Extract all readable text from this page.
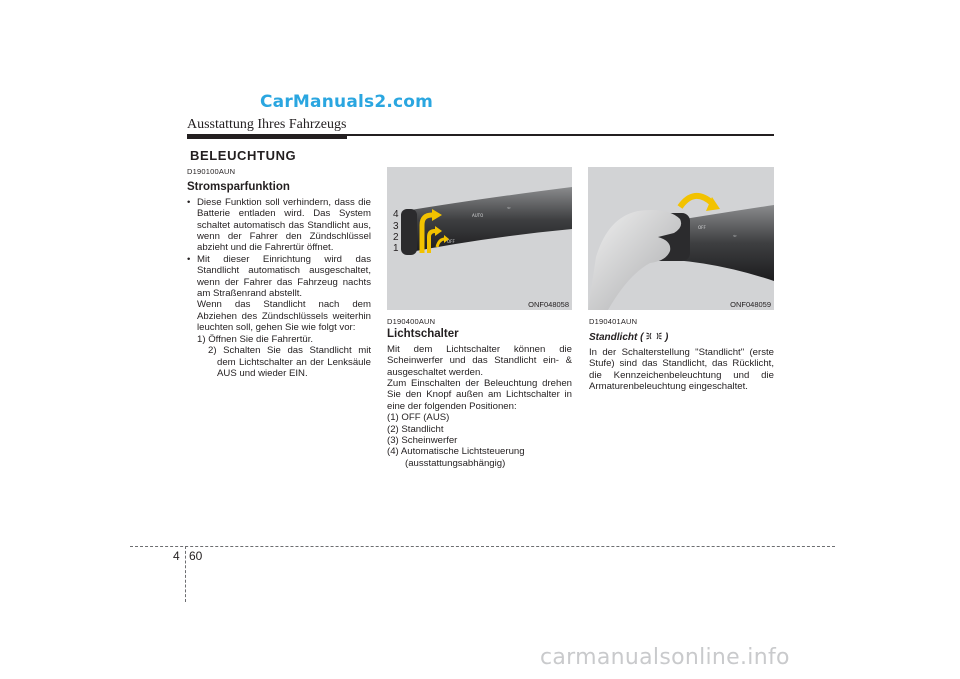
CarManuals2.com
Ausstattung Ihres Fahrzeugs
BELEUCHTUNG

D190100AUN

Stromsparfunktion

• Diese Funktion soll verhindern, dass die Batterie entladen wird. Das System schaltet automatisch das Standlicht aus, wenn der Fahrer den Zündschlüssel abzieht und die Fahrertür öffnet.

• Mit dieser Einrichtung wird das Standlicht automatisch ausgeschaltet, wenn der Fahrer das Fahrzeug nachts am Straßenrand abstellt.

Wenn das Standlicht nach dem Abziehen des Zündschlüssels weiterhin leuchten soll, gehen Sie wie folgt vor:

1) Öffnen Sie die Fahrertür.

2) Schalten Sie das Standlicht mit dem Lichtschalter an der Lenksäule AUS und wieder EIN.

AUTO
OFF
⇦
4
3
2
1
ONF048058

D190400AUN

Lichtschalter

Mit dem Lichtschalter können die Scheinwerfer und das Standlicht ein- & ausgeschaltet werden.

Zum Einschalten der Beleuchtung drehen Sie den Knopf außen am Lichtschalter in eine der folgenden Positionen:

(1) OFF (AUS)

(2) Standlicht

(3) Scheinwerfer

(4) Automatische Lichtsteuerung

(ausstattungsabhängig)

OFF
⇦
ONF048059

D190401AUN

Standlicht ( )

In der Schalterstellung "Standlicht" (erste Stufe) sind das Standlicht, das Rücklicht, die Kennzeichenbeleuchtung und die Armaturenbeleuchtung eingeschaltet.

4 60
carmanualsonline.info
